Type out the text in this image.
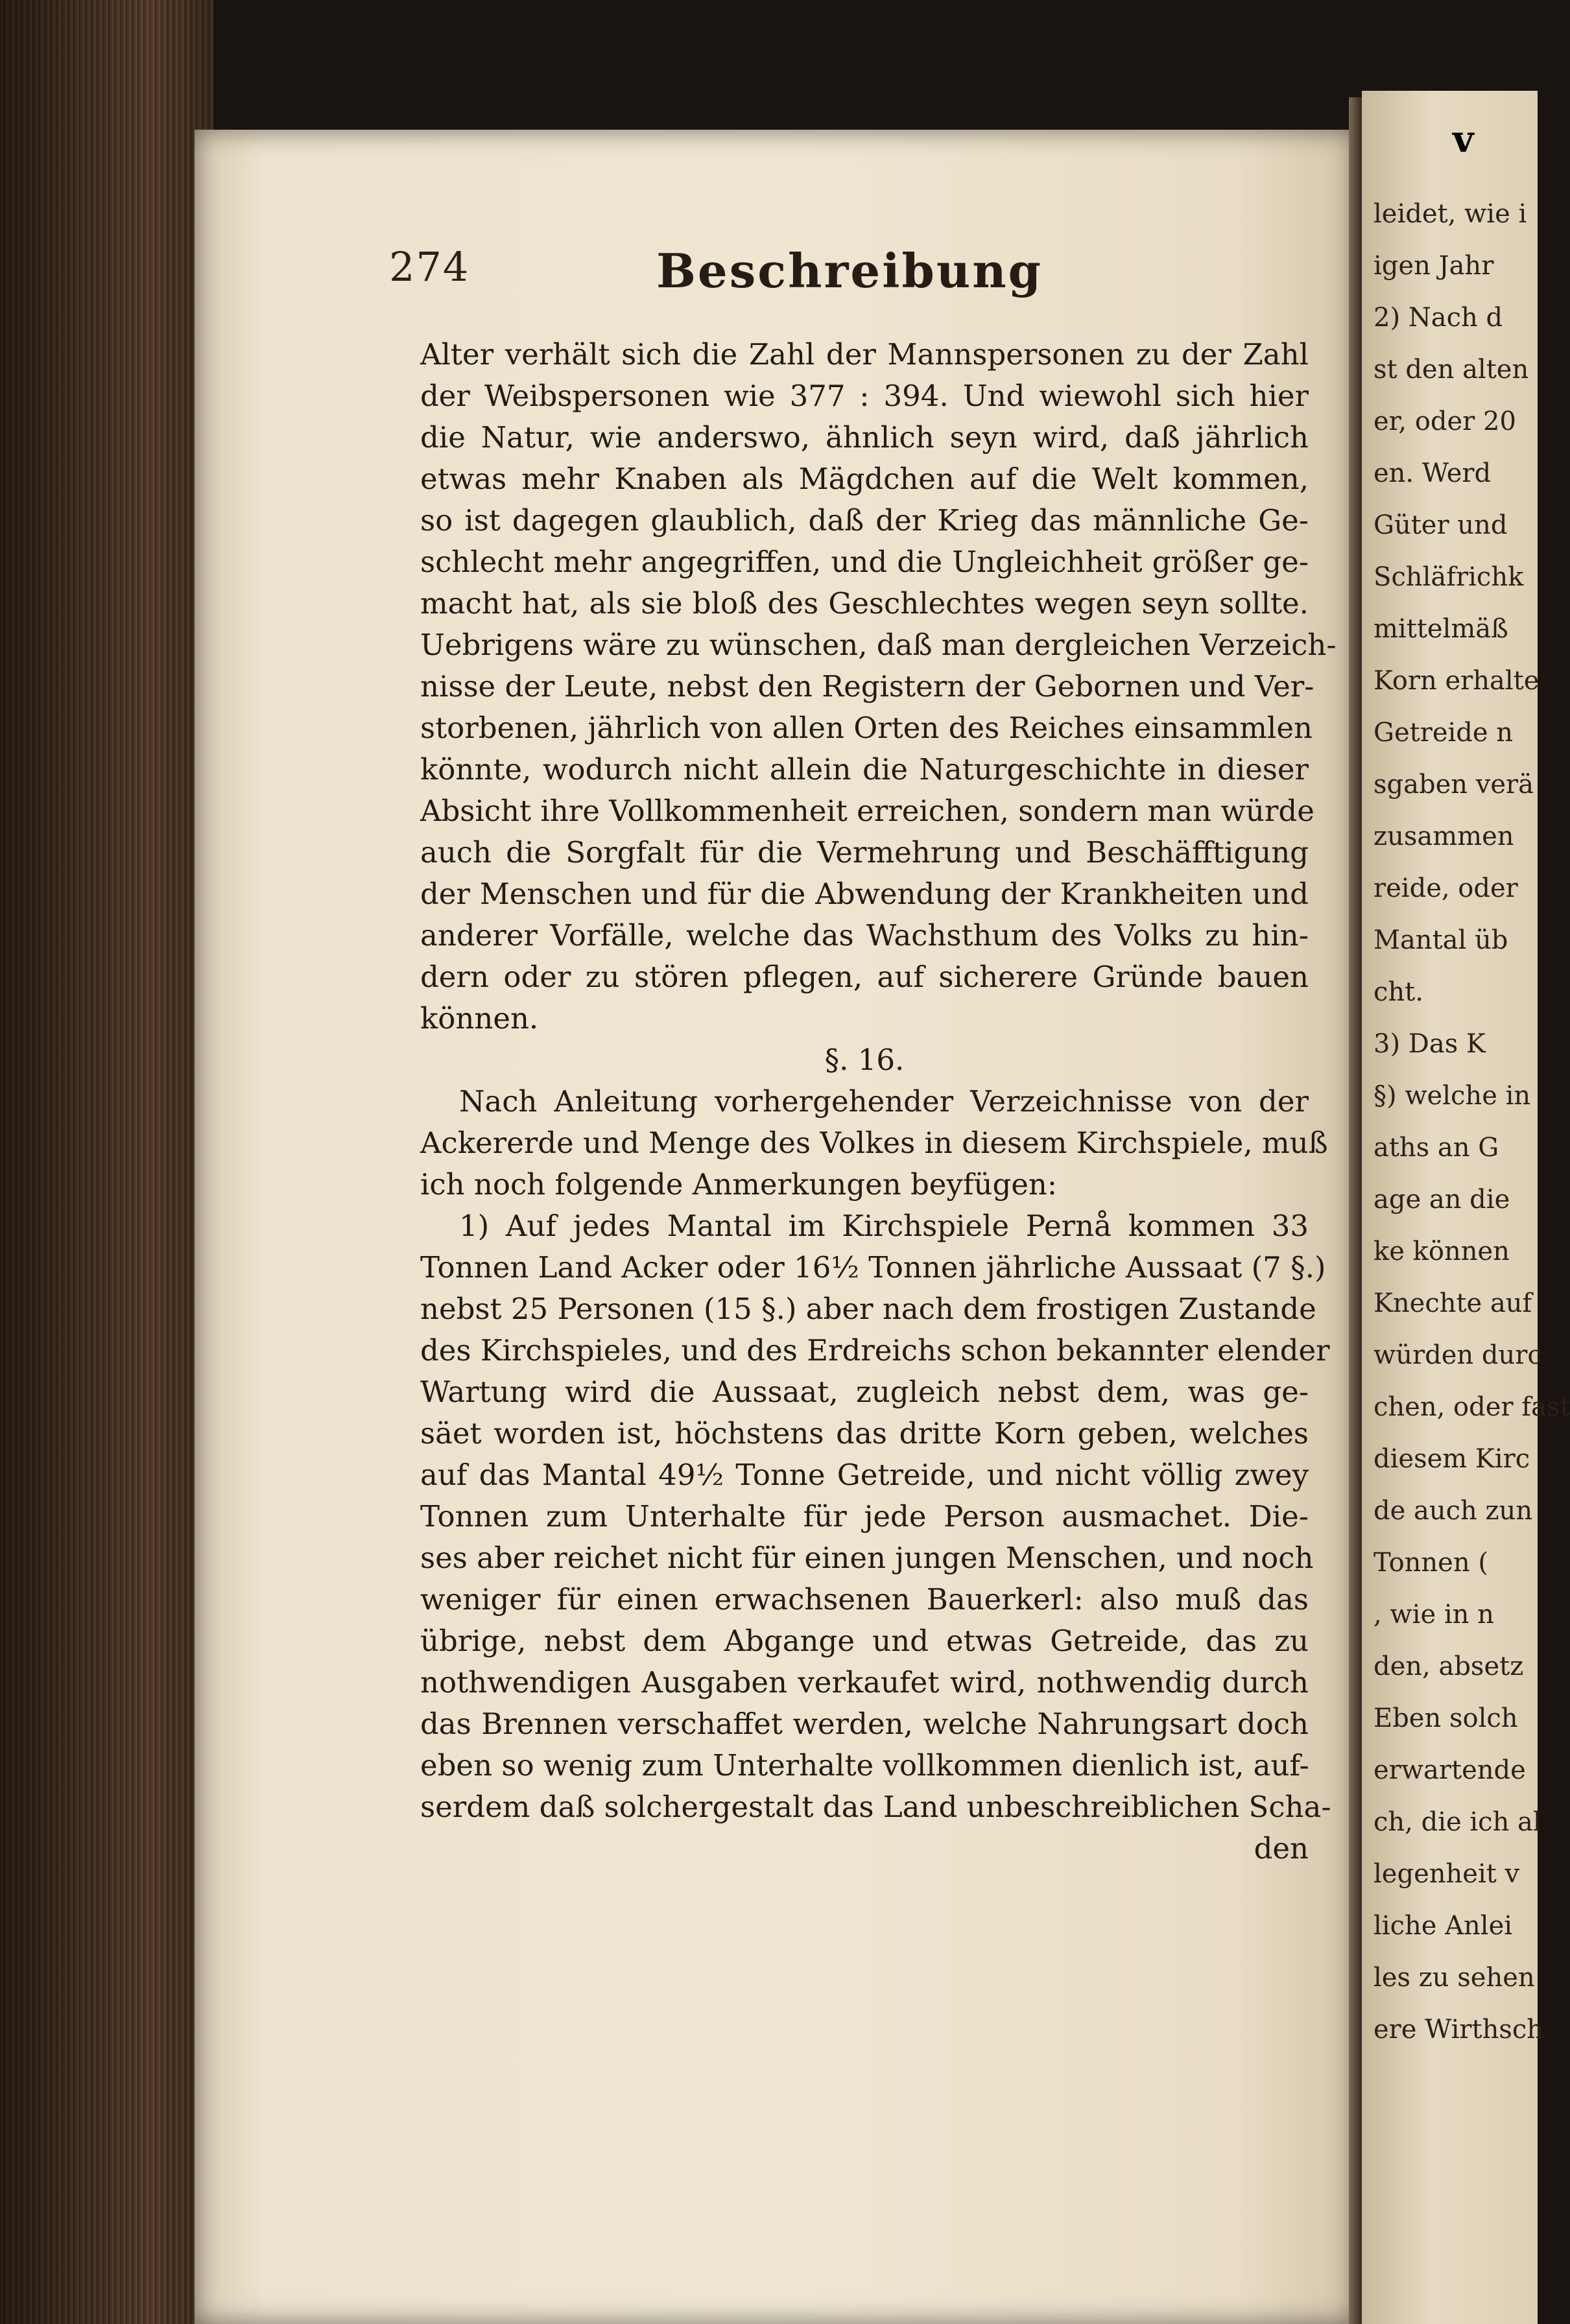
274	Beschreibung
Alter verhält sich die Zahl der Mannspersonen zu der Zahl
der Weibspersonen wie 377 : 394. Und wiewohl sich hier
die Natur, wie anderswo, ähnlich seyn wird, daß jährlich
etwas mehr Knaben als Mägdchen auf die Welt kommen,
so ist dagegen glaublich, daß der Krieg das männliche Ge-
schlecht mehr angegriffen, und die Ungleichheit größer ge-
macht hat, als sie bloß des Geschlechtes wegen seyn sollte.
Uebrigens wäre zu wünschen, daß man dergleichen Verzeich-
nisse der Leute, nebst den Registern der Gebornen und Ver-
storbenen, jährlich von allen Orten des Reiches einsammlen
könnte, wodurch nicht allein die Naturgeschichte in dieser
Absicht ihre Vollkommenheit erreichen, sondern man würde
auch die Sorgfalt für die Vermehrung und Beschäfftigung
der Menschen und für die Abwendung der Krankheiten und
anderer Vorfälle, welche das Wachsthum des Volks zu hin-
dern oder zu stören pflegen, auf sicherere Gründe bauen
können.
§. 16.
Nach Anleitung vorhergehender Verzeichnisse von der
Ackererde und Menge des Volkes in diesem Kirchspiele, muß
ich noch folgende Anmerkungen beyfügen:
1) Auf jedes Mantal im Kirchspiele Pernå kommen 33
Tonnen Land Acker oder 16½ Tonnen jährliche Aussaat (7 §.)
nebst 25 Personen (15 §.) aber nach dem frostigen Zustande
des Kirchspieles, und des Erdreichs schon bekannter elender
Wartung wird die Aussaat, zugleich nebst dem, was ge-
säet worden ist, höchstens das dritte Korn geben, welches
auf das Mantal 49½ Tonne Getreide, und nicht völlig zwey
Tonnen zum Unterhalte für jede Person ausmachet. Die-
ses aber reichet nicht für einen jungen Menschen, und noch
weniger für einen erwachsenen Bauerkerl: also muß das
übrige, nebst dem Abgange und etwas Getreide, das zu
nothwendigen Ausgaben verkaufet wird, nothwendig durch
das Brennen verschaffet werden, welche Nahrungsart doch
eben so wenig zum Unterhalte vollkommen dienlich ist, auf-
serdem daß solchergestalt das Land unbeschreiblichen Scha-
den
v
leidet, wie i
igen Jahr
2) Nach d
st den alten
er, oder 20
en. Werd
Güter und
Schläfrichk
mittelmäß
Korn erhalte
Getreide n
sgaben verä
zusammen
reide, oder
Mantal üb
cht.
3) Das K
§) welche in
aths an G
age an die
ke können
Knechte auf
würden durc
chen, oder fast
diesem Kirc
de auch zun
Tonnen (
, wie in n
den, absetz
Eben solch
erwartende
ch, die ich al
legenheit v
liche Anlei
les zu sehen
ere Wirthsch
